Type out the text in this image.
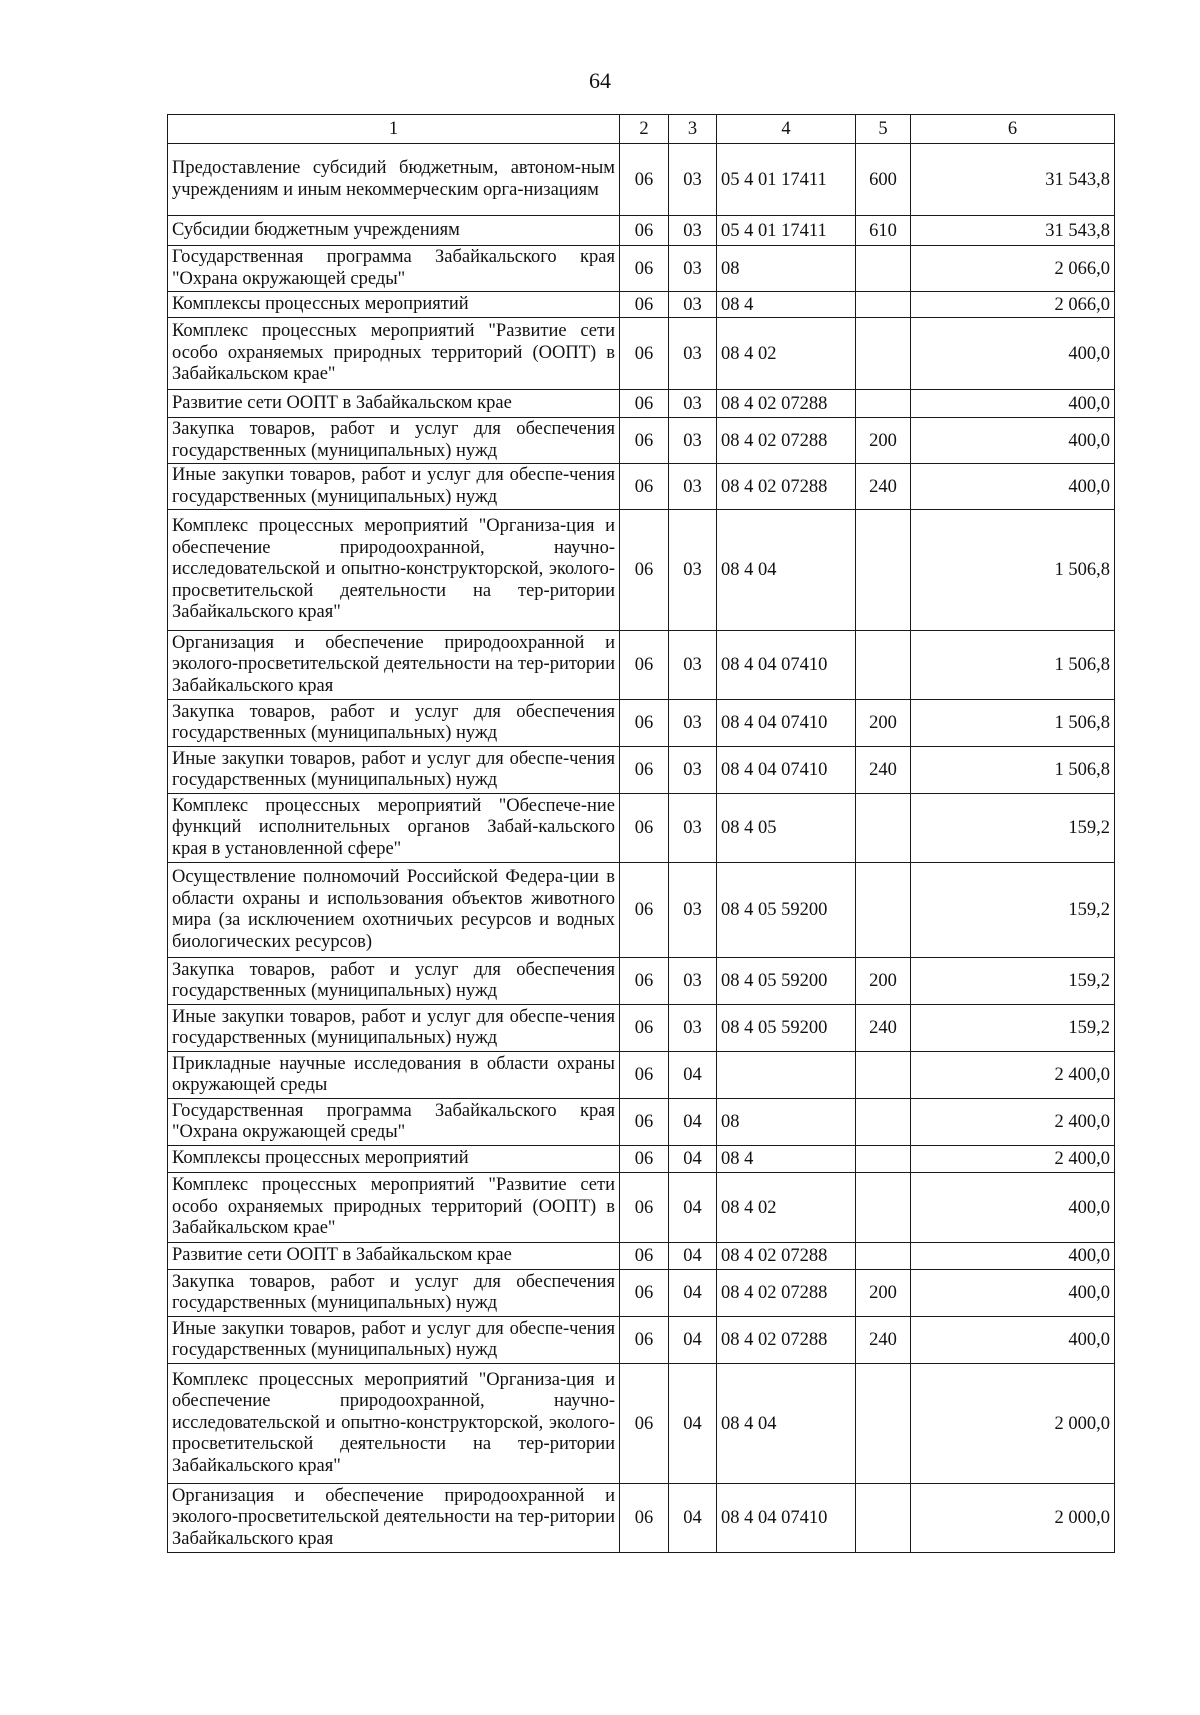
64
1	2	3	4	5	6
Предоставление субсидий бюджетным, автоном-ным учреждениям и иным некоммерческим орга-низациям	06	03	05 4 01 17411	600	31 543,8
Субсидии бюджетным учреждениям	06	03	05 4 01 17411	610	31 543,8
Государственная программа Забайкальского края "Охрана окружающей среды"	06	03	08		2 066,0
Комплексы процессных мероприятий	06	03	08 4		2 066,0
Комплекс процессных мероприятий "Развитие сети особо охраняемых природных территорий (ООПТ) в Забайкальском крае"	06	03	08 4 02		400,0
Развитие сети ООПТ в Забайкальском крае	06	03	08 4 02 07288		400,0
Закупка товаров, работ и услуг для обеспечения государственных (муниципальных) нужд	06	03	08 4 02 07288	200	400,0
Иные закупки товаров, работ и услуг для обеспе-чения государственных (муниципальных) нужд	06	03	08 4 02 07288	240	400,0
Комплекс процессных мероприятий "Организа-ция и обеспечение природоохранной, научно-исследовательской и опытно-конструкторской, эколого-просветительской деятельности на тер-ритории Забайкальского края"	06	03	08 4 04		1 506,8
Организация и обеспечение природоохранной и эколого-просветительской деятельности на тер-ритории Забайкальского края	06	03	08 4 04 07410		1 506,8
Закупка товаров, работ и услуг для обеспечения государственных (муниципальных) нужд	06	03	08 4 04 07410	200	1 506,8
Иные закупки товаров, работ и услуг для обеспе-чения государственных (муниципальных) нужд	06	03	08 4 04 07410	240	1 506,8
Комплекс процессных мероприятий "Обеспече-ние функций исполнительных органов Забай-кальского края в установленной сфере"	06	03	08 4 05		159,2
Осуществление полномочий Российской Федера-ции в области охраны и использования объектов животного мира (за исключением охотничьих ресурсов и водных биологических ресурсов)	06	03	08 4 05 59200		159,2
Закупка товаров, работ и услуг для обеспечения государственных (муниципальных) нужд	06	03	08 4 05 59200	200	159,2
Иные закупки товаров, работ и услуг для обеспе-чения государственных (муниципальных) нужд	06	03	08 4 05 59200	240	159,2
Прикладные научные исследования в области охраны окружающей среды	06	04			2 400,0
Государственная программа Забайкальского края "Охрана окружающей среды"	06	04	08		2 400,0
Комплексы процессных мероприятий	06	04	08 4		2 400,0
Комплекс процессных мероприятий "Развитие сети особо охраняемых природных территорий (ООПТ) в Забайкальском крае"	06	04	08 4 02		400,0
Развитие сети ООПТ в Забайкальском крае	06	04	08 4 02 07288		400,0
Закупка товаров, работ и услуг для обеспечения государственных (муниципальных) нужд	06	04	08 4 02 07288	200	400,0
Иные закупки товаров, работ и услуг для обеспе-чения государственных (муниципальных) нужд	06	04	08 4 02 07288	240	400,0
Комплекс процессных мероприятий "Организа-ция и обеспечение природоохранной, научно-исследовательской и опытно-конструкторской, эколого-просветительской деятельности на тер-ритории Забайкальского края"	06	04	08 4 04		2 000,0
Организация и обеспечение природоохранной и эколого-просветительской деятельности на тер-ритории Забайкальского края	06	04	08 4 04 07410		2 000,0
